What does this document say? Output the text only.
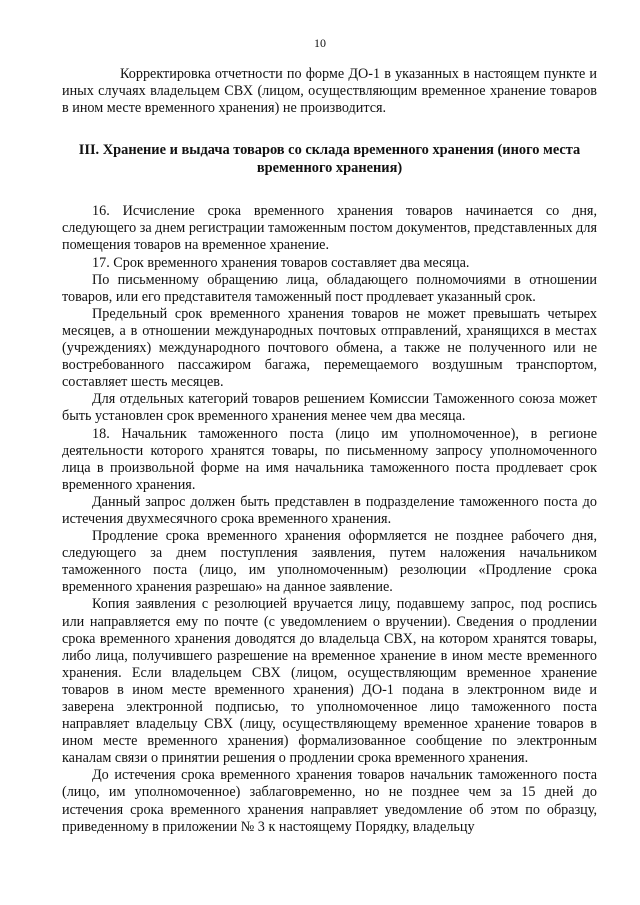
10

Корректировка отчетности по форме ДО-1 в указанных в настоящем пункте и иных случаях владельцем СВХ (лицом, осуществляющим временное хранение товаров в ином месте временного хранения) не производится.

III. Хранение и выдача товаров со склада временного хранения (иного места временного хранения)

16. Исчисление срока временного хранения товаров начинается со дня, следующего за днем регистрации таможенным постом документов, представленных для помещения товаров на временное хранение.

17. Срок временного хранения товаров составляет два месяца.

По письменному обращению лица, обладающего полномочиями в отношении товаров, или его представителя таможенный пост продлевает указанный срок.

Предельный срок временного хранения товаров не может превышать четырех месяцев, а в отношении международных почтовых отправлений, хранящихся в местах (учреждениях) международного почтового обмена, а также не полученного или не востребованного пассажиром багажа, перемещаемого воздушным транспортом, составляет шесть месяцев.

Для отдельных категорий товаров решением Комиссии Таможенного союза может быть установлен срок временного хранения менее чем два месяца.

18. Начальник таможенного поста (лицо им уполномоченное), в регионе деятельности которого хранятся товары, по письменному запросу уполномоченного лица в произвольной форме на имя начальника таможенного поста продлевает срок временного хранения.

Данный запрос должен быть представлен в подразделение таможенного поста до истечения двухмесячного срока временного хранения.

Продление срока временного хранения оформляется не позднее рабочего дня, следующего за днем поступления заявления, путем наложения начальником таможенного поста (лицо, им уполномоченным) резолюции «Продление срока временного хранения разрешаю» на данное заявление.

Копия заявления с резолюцией вручается лицу, подавшему запрос, под роспись или направляется ему по почте (с уведомлением о вручении). Сведения о продлении срока временного хранения доводятся до владельца СВХ, на котором хранятся товары, либо лица, получившего разрешение на временное хранение в ином месте временного хранения. Если владельцем СВХ (лицом, осуществляющим временное хранение товаров в ином месте временного хранения) ДО-1 подана в электронном виде и заверена электронной подписью, то уполномоченное лицо таможенного поста направляет владельцу СВХ (лицу, осуществляющему временное хранение товаров в ином месте временного хранения) формализованное сообщение по электронным каналам связи о принятии решения о продлении срока временного хранения.

До истечения срока временного хранения товаров начальник таможенного поста (лицо, им уполномоченное) заблаговременно, но не позднее чем за 15 дней до истечения срока временного хранения направляет уведомление об этом по образцу, приведенному в приложении № 3 к настоящему Порядку, владельцу
